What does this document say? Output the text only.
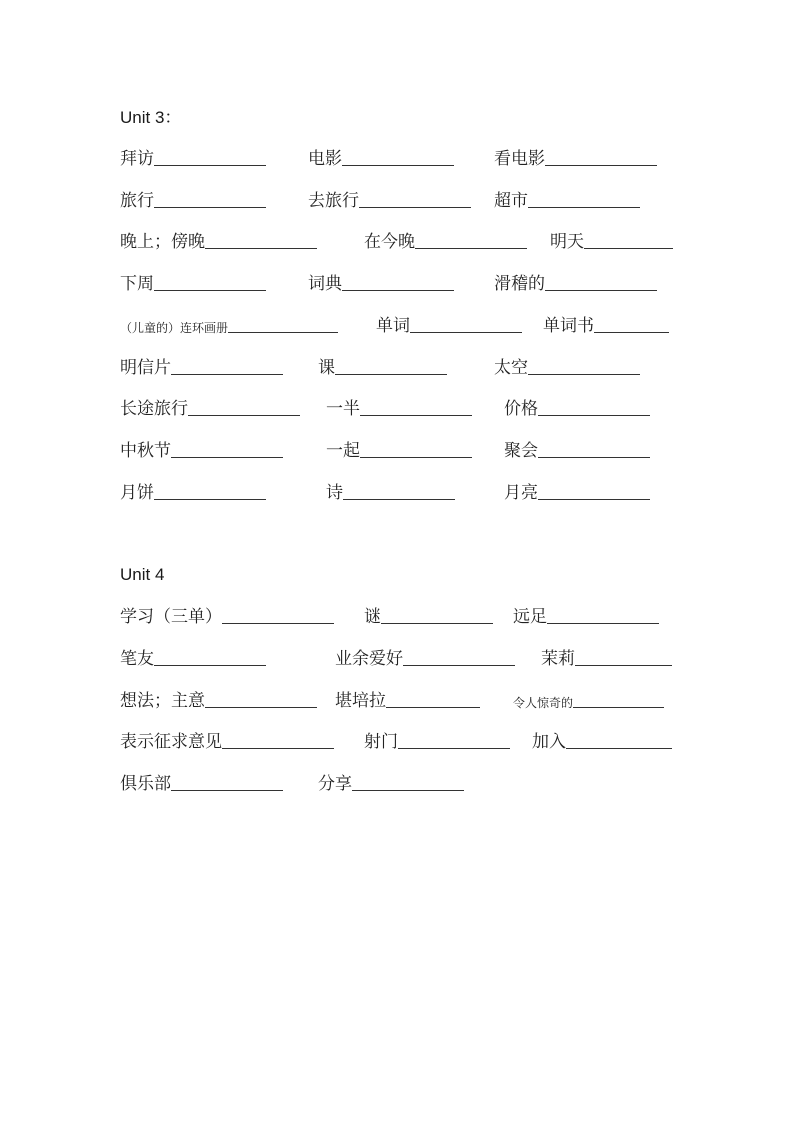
Unit 3：
拜访	电影	看电影
旅行	去旅行	超市
晚上；傍晚	在今晚	明天
下周	词典	滑稽的
（儿童的）连环画册	单词	单词书
明信片	课	太空
长途旅行	一半	价格
中秋节	一起	聚会
月饼	诗	月亮
Unit 4
学习（三单）	谜	远足
笔友	业余爱好	茉莉
想法；主意	堪培拉	令人惊奇的
表示征求意见	射门	加入
俱乐部	分享
